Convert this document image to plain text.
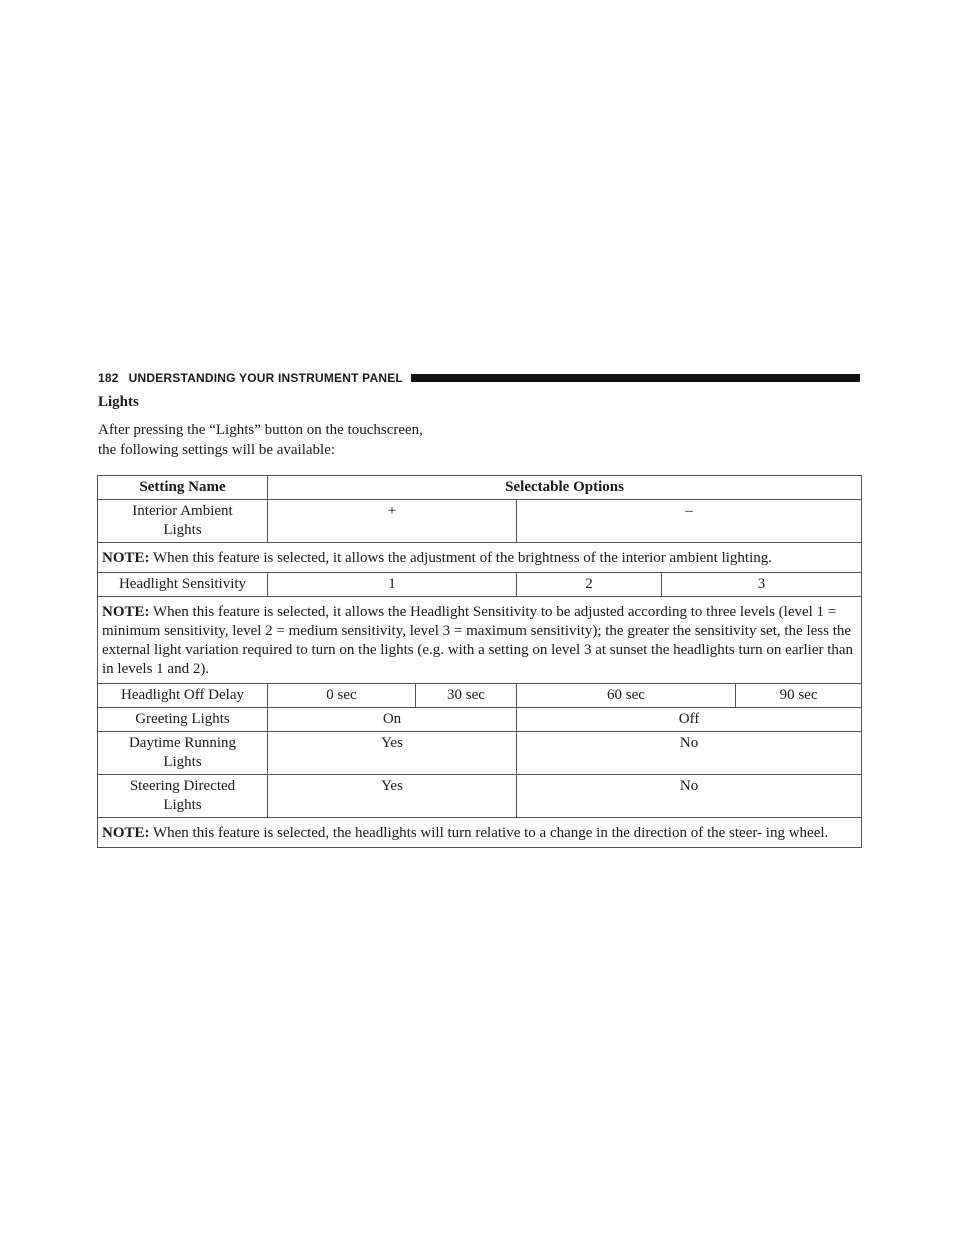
182 UNDERSTANDING YOUR INSTRUMENT PANEL
Lights
After pressing the “Lights” button on the touchscreen,
the following settings will be available:
Setting Name	Selectable Options				

Interior Ambient
Lights	+		–		
NOTE: When this feature is selected, it allows the adjustment of the brightness of the interior ambient lighting.					
Headlight Sensitivity	1		2	3	
NOTE: When this feature is selected, it allows the Headlight Sensitivity to be adjusted according to three levels (level 1 = minimum sensitivity, level 2 = medium sensitivity, level 3 = maximum sensitivity); the greater the sensitivity set, the less the external light variation required to turn on the lights (e.g. with a setting on level 3 at sunset the headlights turn on earlier than in levels 1 and 2).					
Headlight Off Delay	0 sec	30 sec	60 sec		90 sec
Greeting Lights	On		Off		

Daytime Running
Lights	Yes		No		

Steering Directed
Lights	Yes		No		
NOTE: When this feature is selected, the headlights will turn relative to a change in the direction of the steer- ing wheel.					
